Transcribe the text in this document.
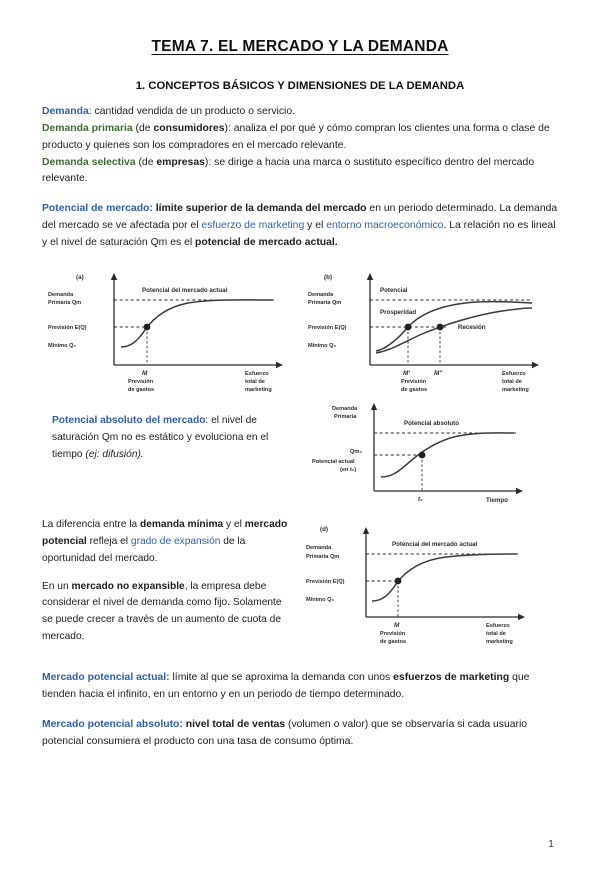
TEMA 7. EL MERCADO Y LA DEMANDA
1. CONCEPTOS BÁSICOS Y DIMENSIONES DE LA DEMANDA

Demanda: cantidad vendida de un producto o servicio.

Demanda primaria (de consumidores): analiza el por qué y cómo compran los clientes una forma o clase de producto y quienes son los compradores en el mercado relevante.

Demanda selectiva (de empresas): se dirige a hacia una marca o sustituto específico dentro del mercado relevante.

Potencial de mercado: límite superior de la demanda del mercado en un periodo determinado. La demanda del mercado se ve afectada por el esfuerzo de marketing y el entorno macroeconómico. La relación no es lineal y el nivel de saturación Qm es el potencial de mercado actual.

(a)
Demanda
Primaria Qm
Previsión E(Q)
Mínimo Q₀
Potencial del mercado actual
M
Previsión
de gastos
Esfuerzo
total de
marketing
(b)
Demanda
Primaria Qm
Previsión E(Q)
Mínimo Q₀
Potencial
Prosperidad
Recesión
M'	M''
Previsión
de gastos
Esfuerzo
total de
marketing

Potencial absoluto del mercado: el nivel de saturación Qm no es estático y evoluciona en el tiempo (ej: difusión).

Demanda
Primaria
Potencial absoluto
Qm₀
Potencial actual
(en t₀)
t₀	Tiempo

La diferencia entre la demanda mínima y el mercado potencial refleja el grado de expansión de la oportunidad del mercado.

En un mercado no expansible, la empresa debe considerar el nivel de demanda como fijo. Solamente se puede crecer a través de un aumento de cuota de mercado.

(d)
Demanda
Primaria Qm
Previsión E(Q)
Mínimo Q₀
Potencial del mercado actual
M
Previsión
de gastos
Esfuerzo
total de
marketing

Mercado potencial actual: límite al que se aproxima la demanda con unos esfuerzos de marketing que tienden hacia el infinito, en un entorno y en un periodo de tiempo determinado.

Mercado potencial absoluto: nivel total de ventas (volumen o valor) que se observaría si cada usuario potencial consumiera el producto con una tasa de consumo óptima.

1
